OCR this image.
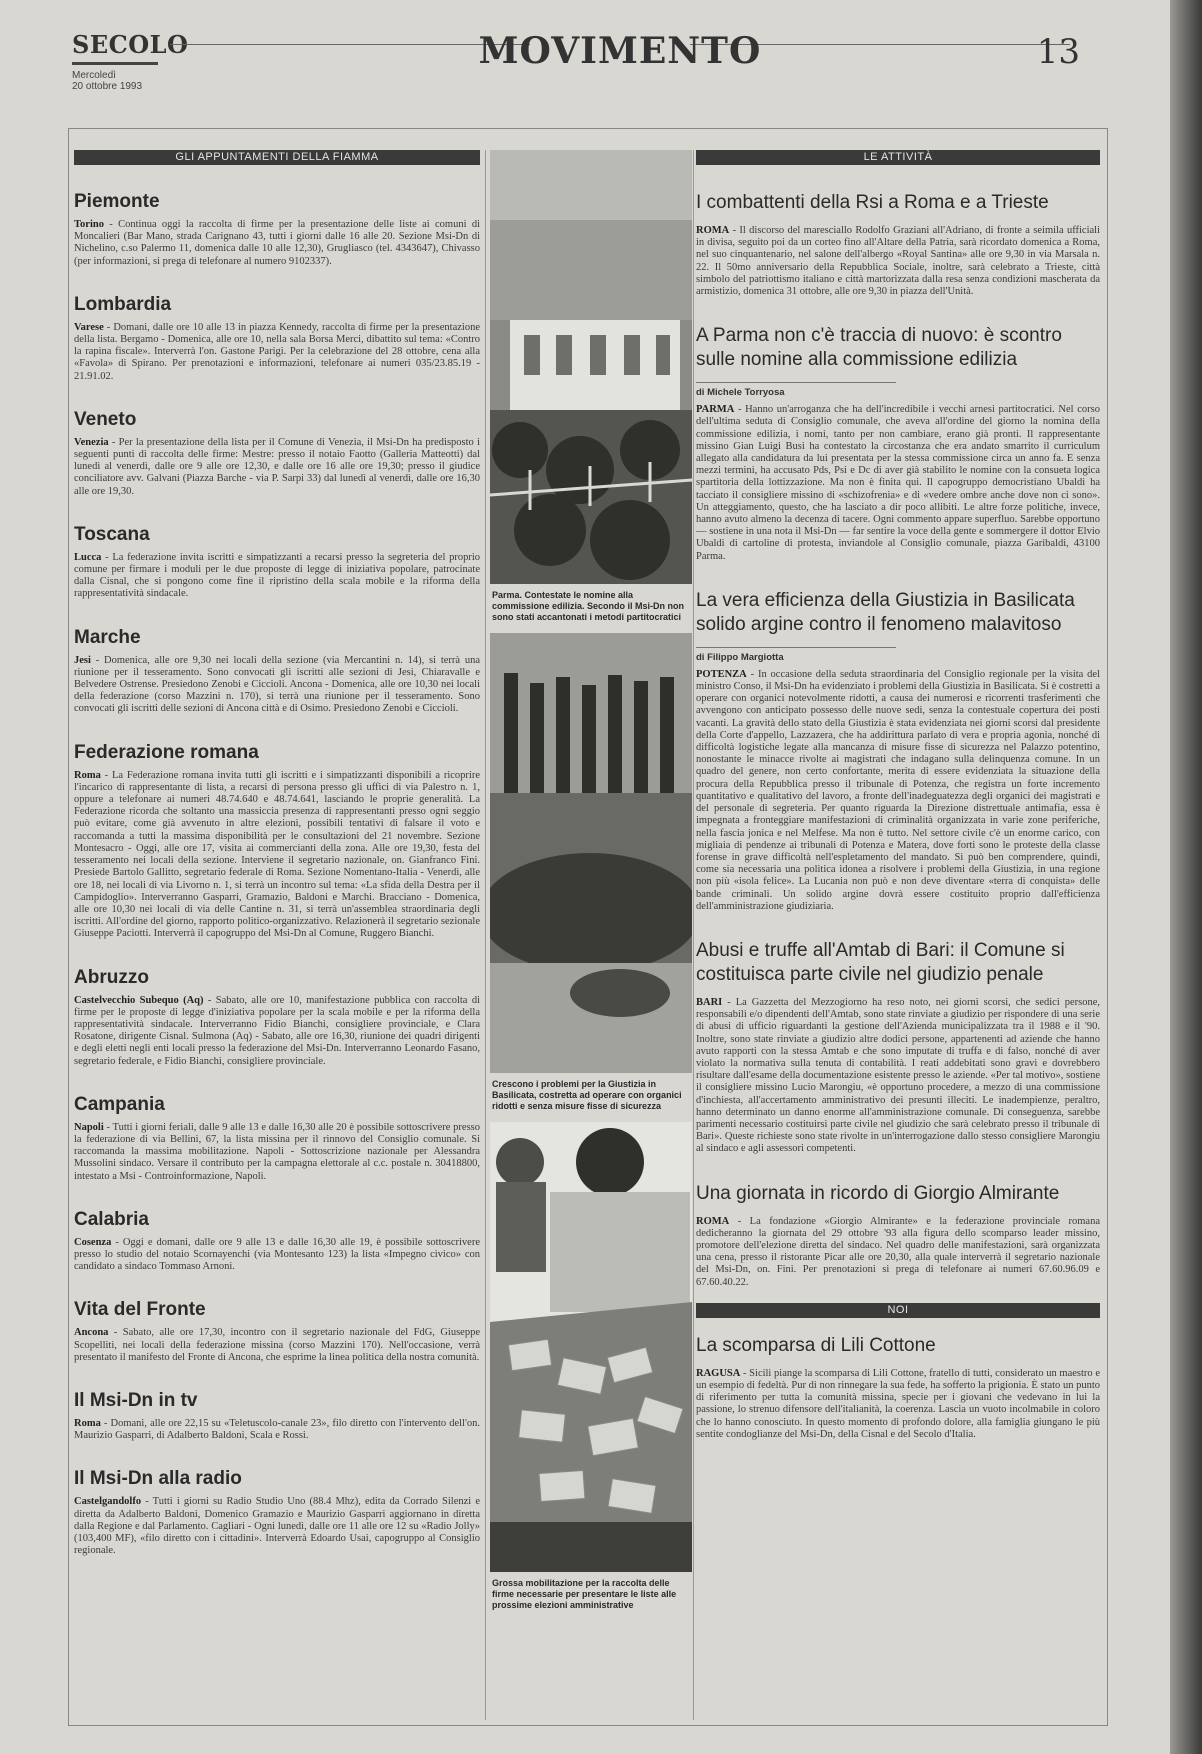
SECOLO
Mercoledì
20 ottobre 1993
MOVIMENTO	13
GLI APPUNTAMENTI DELLA FIAMMA
Piemonte
Torino - Continua oggi la raccolta di firme per la presentazione delle liste ai comuni di Moncalieri (Bar Mano, strada Carignano 43, tutti i giorni dalle 16 alle 20. Sezione Msi-Dn di Nichelino, c.so Palermo 11, domenica dalle 10 alle 12,30), Grugliasco (tel. 4343647), Chivasso (per informazioni, si prega di telefonare al numero 9102337).
Lombardia
Varese - Domani, dalle ore 10 alle 13 in piazza Kennedy, raccolta di firme per la presentazione della lista. Bergamo - Domenica, alle ore 10, nella sala Borsa Merci, dibattito sul tema: «Contro la rapina fiscale». Interverrà l'on. Gastone Parigi. Per la celebrazione del 28 ottobre, cena alla «Favola» di Spirano. Per prenotazioni e informazioni, telefonare ai numeri 035/23.85.19 - 21.91.02.
Veneto
Venezia - Per la presentazione della lista per il Comune di Venezia, il Msi-Dn ha predisposto i seguenti punti di raccolta delle firme: Mestre: presso il notaio Faotto (Galleria Matteotti) dal lunedì al venerdì, dalle ore 9 alle ore 12,30, e dalle ore 16 alle ore 19,30; presso il giudice conciliatore avv. Galvani (Piazza Barche - via P. Sarpi 33) dal lunedì al venerdì, dalle ore 16,30 alle ore 19,30.
Toscana
Lucca - La federazione invita iscritti e simpatizzanti a recarsi presso la segreteria del proprio comune per firmare i moduli per le due proposte di legge di iniziativa popolare, patrocinate dalla Cisnal, che si pongono come fine il ripristino della scala mobile e la riforma della rappresentatività sindacale.
Marche
Jesi - Domenica, alle ore 9,30 nei locali della sezione (via Mercantini n. 14), si terrà una riunione per il tesseramento. Sono convocati gli iscritti alle sezioni di Jesi, Chiaravalle e Belvedere Ostrense. Presiedono Zenobi e Ciccioli. Ancona - Domenica, alle ore 10,30 nei locali della federazione (corso Mazzini n. 170), si terrà una riunione per il tesseramento. Sono convocati gli iscritti delle sezioni di Ancona città e di Osimo. Presiedono Zenobi e Ciccioli.
Federazione romana
Roma - La Federazione romana invita tutti gli iscritti e i simpatizzanti disponibili a ricoprire l'incarico di rappresentante di lista, a recarsi di persona presso gli uffici di via Palestro n. 1, oppure a telefonare ai numeri 48.74.640 e 48.74.641, lasciando le proprie generalità. La Federazione ricorda che soltanto una massiccia presenza di rappresentanti presso ogni seggio può evitare, come già avvenuto in altre elezioni, possibili tentativi di falsare il voto e raccomanda a tutti la massima disponibilità per le consultazioni del 21 novembre. Sezione Montesacro - Oggi, alle ore 17, visita ai commercianti della zona. Alle ore 19,30, festa del tesseramento nei locali della sezione. Interviene il segretario nazionale, on. Gianfranco Fini. Presiede Bartolo Gallitto, segretario federale di Roma. Sezione Nomentano-Italia - Venerdì, alle ore 18, nei locali di via Livorno n. 1, si terrà un incontro sul tema: «La sfida della Destra per il Campidoglio». Interverranno Gasparri, Gramazio, Baldoni e Marchi. Bracciano - Domenica, alle ore 10,30 nei locali di via delle Cantine n. 31, si terrà un'assemblea straordinaria degli iscritti. All'ordine del giorno, rapporto politico-organizzativo. Relazionerà il segretario sezionale Giuseppe Paciotti. Interverrà il capogruppo del Msi-Dn al Comune, Ruggero Bianchi.
Abruzzo
Castelvecchio Subequo (Aq) - Sabato, alle ore 10, manifestazione pubblica con raccolta di firme per le proposte di legge d'iniziativa popolare per la scala mobile e per la riforma della rappresentatività sindacale. Interverranno Fidio Bianchi, consigliere provinciale, e Clara Rosatone, dirigente Cisnal. Sulmona (Aq) - Sabato, alle ore 16,30, riunione dei quadri dirigenti e degli eletti negli enti locali presso la federazione del Msi-Dn. Interverranno Leonardo Fasano, segretario federale, e Fidio Bianchi, consigliere provinciale.
Campania
Napoli - Tutti i giorni feriali, dalle 9 alle 13 e dalle 16,30 alle 20 è possibile sottoscrivere presso la federazione di via Bellini, 67, la lista missina per il rinnovo del Consiglio comunale. Si raccomanda la massima mobilitazione. Napoli - Sottoscrizione nazionale per Alessandra Mussolini sindaco. Versare il contributo per la campagna elettorale al c.c. postale n. 30418800, intestato a Msi - Controinformazione, Napoli.
Calabria
Cosenza - Oggi e domani, dalle ore 9 alle 13 e dalle 16,30 alle 19, è possibile sottoscrivere presso lo studio del notaio Scornayenchi (via Montesanto 123) la lista «Impegno civico» con candidato a sindaco Tommaso Arnoni.
Vita del Fronte
Ancona - Sabato, alle ore 17,30, incontro con il segretario nazionale del FdG, Giuseppe Scopelliti, nei locali della federazione missina (corso Mazzini 170). Nell'occasione, verrà presentato il manifesto del Fronte di Ancona, che esprime la linea politica della nostra comunità.
Il Msi-Dn in tv
Roma - Domani, alle ore 22,15 su «Teletuscolo-canale 23», filo diretto con l'intervento dell'on. Maurizio Gasparri, di Adalberto Baldoni, Scala e Rossi.
Il Msi-Dn alla radio
Castelgandolfo - Tutti i giorni su Radio Studio Uno (88.4 Mhz), edita da Corrado Silenzi e diretta da Adalberto Baldoni, Domenico Gramazio e Maurizio Gasparri aggiornano in diretta dalla Regione e dal Parlamento. Cagliari - Ogni lunedì, dalle ore 11 alle ore 12 su «Radio Jolly» (103,400 MF), «filo diretto con i cittadini». Interverrà Edoardo Usai, capogruppo al Consiglio regionale.
Parma. Contestate le nomine alla commissione edilizia. Secondo il Msi-Dn non sono stati accantonati i metodi partitocratici
Crescono i problemi per la Giustizia in Basilicata, costretta ad operare con organici ridotti e senza misure fisse di sicurezza
Grossa mobilitazione per la raccolta delle firme necessarie per presentare le liste alle prossime elezioni amministrative
LE ATTIVITÀ
I combattenti della Rsi a Roma e a Trieste
ROMA - Il discorso del maresciallo Rodolfo Graziani all'Adriano, di fronte a seimila ufficiali in divisa, seguito poi da un corteo fino all'Altare della Patria, sarà ricordato domenica a Roma, nel suo cinquantenario, nel salone dell'albergo «Royal Santina» alle ore 9,30 in via Marsala n. 22. Il 50mo anniversario della Repubblica Sociale, inoltre, sarà celebrato a Trieste, città simbolo del patriottismo italiano e città martorizzata dalla resa senza condizioni mascherata da armistizio, domenica 31 ottobre, alle ore 9,30 in piazza dell'Unità.
A Parma non c'è traccia di nuovo: è scontro sulle nomine alla commissione edilizia
di Michele Torryosa
PARMA - Hanno un'arroganza che ha dell'incredibile i vecchi arnesi partitocratici. Nel corso dell'ultima seduta di Consiglio comunale, che aveva all'ordine del giorno la nomina della commissione edilizia, i nomi, tanto per non cambiare, erano già pronti. Il rappresentante missino Gian Luigi Busi ha contestato la circostanza che era andato smarrito il curriculum allegato alla candidatura da lui presentata per la stessa commissione circa un anno fa. E senza mezzi termini, ha accusato Pds, Psi e Dc di aver già stabilito le nomine con la consueta logica spartitoria della lottizzazione. Ma non è finita qui. Il capogruppo democristiano Ubaldi ha tacciato il consigliere missino di «schizofrenia» e di «vedere ombre anche dove non ci sono». Un atteggiamento, questo, che ha lasciato a dir poco allibiti. Le altre forze politiche, invece, hanno avuto almeno la decenza di tacere. Ogni commento appare superfluo. Sarebbe opportuno — sostiene in una nota il Msi-Dn — far sentire la voce della gente e sommergere il dottor Elvio Ubaldi di cartoline di protesta, inviandole al Consiglio comunale, piazza Garibaldi, 43100 Parma.
La vera efficienza della Giustizia in Basilicata solido argine contro il fenomeno malavitoso
di Filippo Margiotta
POTENZA - In occasione della seduta straordinaria del Consiglio regionale per la visita del ministro Conso, il Msi-Dn ha evidenziato i problemi della Giustizia in Basilicata. Si è costretti a operare con organici notevolmente ridotti, a causa dei numerosi e ricorrenti trasferimenti che avvengono con anticipato possesso delle nuove sedi, senza la contestuale copertura dei posti vacanti. La gravità dello stato della Giustizia è stata evidenziata nei giorni scorsi dal presidente della Corte d'appello, Lazzazera, che ha addirittura parlato di vera e propria agonia, nonché di difficoltà logistiche legate alla mancanza di misure fisse di sicurezza nel Palazzo potentino, nonostante le minacce rivolte ai magistrati che indagano sulla delinquenza comune. In un quadro del genere, non certo confortante, merita di essere evidenziata la situazione della procura della Repubblica presso il tribunale di Potenza, che registra un forte incremento quantitativo e qualitativo del lavoro, a fronte dell'inadeguatezza degli organici dei magistrati e del personale di segreteria. Per quanto riguarda la Direzione distrettuale antimafia, essa è impegnata a fronteggiare manifestazioni di criminalità organizzata in varie zone periferiche, nella fascia jonica e nel Melfese. Ma non è tutto. Nel settore civile c'è un enorme carico, con migliaia di pendenze ai tribunali di Potenza e Matera, dove forti sono le proteste della classe forense in grave difficoltà nell'espletamento del mandato. Si può ben comprendere, quindi, come sia necessaria una politica idonea a risolvere i problemi della Giustizia, in una regione non più «isola felice». La Lucania non può e non deve diventare «terra di conquista» delle bande criminali. Un solido argine dovrà essere costituito proprio dall'efficienza dell'amministrazione giudiziaria.
Abusi e truffe all'Amtab di Bari: il Comune si costituisca parte civile nel giudizio penale
BARI - La Gazzetta del Mezzogiorno ha reso noto, nei giorni scorsi, che sedici persone, responsabili e/o dipendenti dell'Amtab, sono state rinviate a giudizio per rispondere di una serie di abusi di ufficio riguardanti la gestione dell'Azienda municipalizzata tra il 1988 e il '90. Inoltre, sono state rinviate a giudizio altre dodici persone, appartenenti ad aziende che hanno avuto rapporti con la stessa Amtab e che sono imputate di truffa e di falso, nonché di aver violato la normativa sulla tenuta di contabilità. I reati addebitati sono gravi e dovrebbero risultare dall'esame della documentazione esistente presso le aziende. «Per tal motivo», sostiene il consigliere missino Lucio Marongiu, «è opportuno procedere, a mezzo di una commissione d'inchiesta, all'accertamento amministrativo dei presunti illeciti. Le inadempienze, peraltro, hanno determinato un danno enorme all'amministrazione comunale. Di conseguenza, sarebbe parimenti necessario costituirsi parte civile nel giudizio che sarà celebrato presso il tribunale di Bari». Queste richieste sono state rivolte in un'interrogazione dallo stesso consigliere Marongiu al sindaco e agli assessori competenti.
Una giornata in ricordo di Giorgio Almirante
ROMA - La fondazione «Giorgio Almirante» e la federazione provinciale romana dedicheranno la giornata del 29 ottobre '93 alla figura dello scomparso leader missino, promotore dell'elezione diretta del sindaco. Nel quadro delle manifestazioni, sarà organizzata una cena, presso il ristorante Picar alle ore 20,30, alla quale interverrà il segretario nazionale del Msi-Dn, on. Fini. Per prenotazioni si prega di telefonare ai numeri 67.60.96.09 e 67.60.40.22.
NOI
La scomparsa di Lili Cottone
RAGUSA - Sicili piange la scomparsa di Lili Cottone, fratello di tutti, considerato un maestro e un esempio di fedeltà. Pur di non rinnegare la sua fede, ha sofferto la prigionia. È stato un punto di riferimento per tutta la comunità missina, specie per i giovani che vedevano in lui la passione, lo strenuo difensore dell'italianità, la coerenza. Lascia un vuoto incolmabile in coloro che lo hanno conosciuto. In questo momento di profondo dolore, alla famiglia giungano le più sentite condoglianze del Msi-Dn, della Cisnal e del Secolo d'Italia.
